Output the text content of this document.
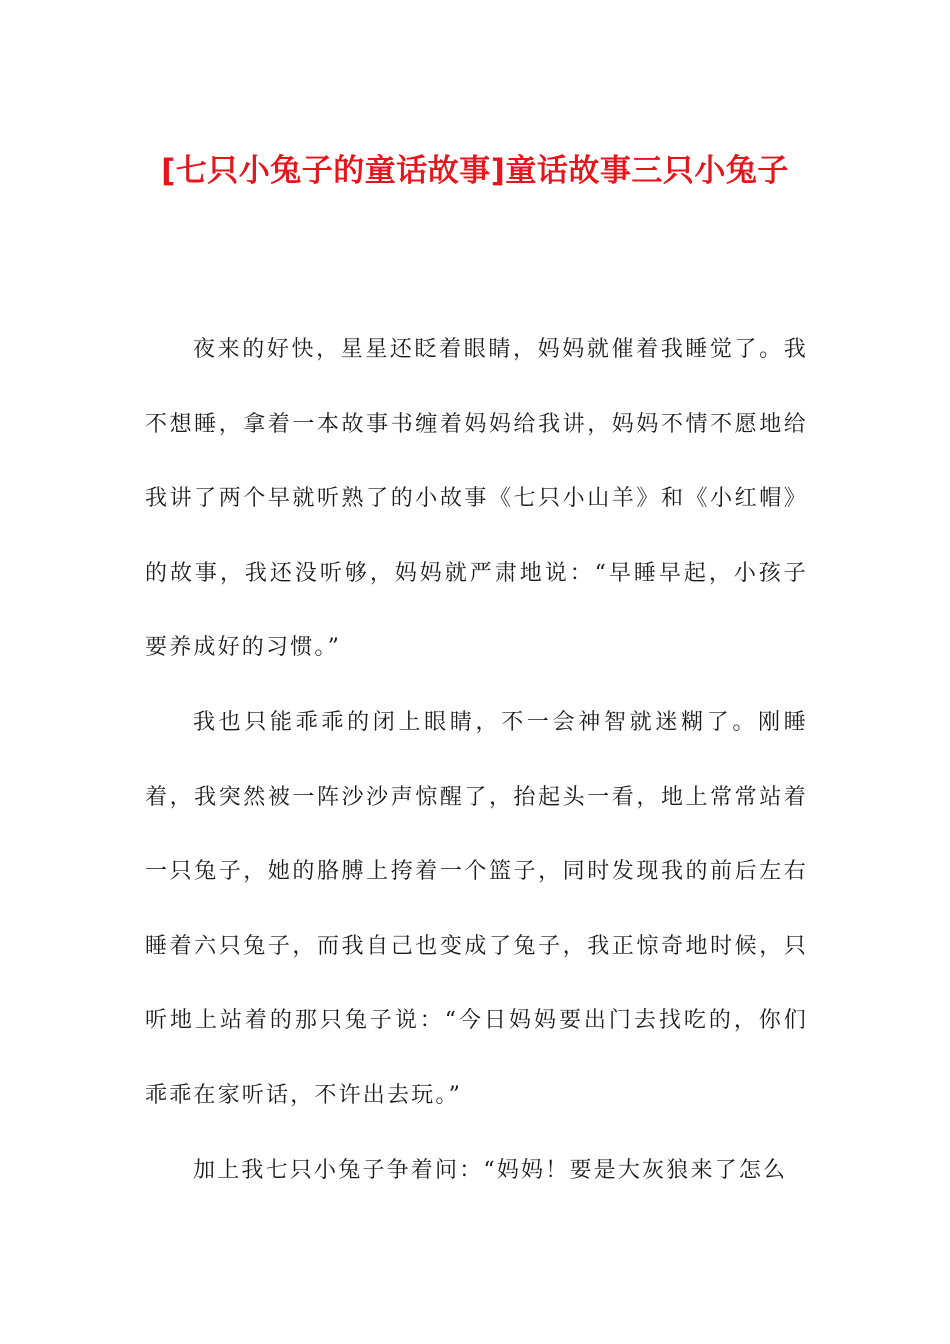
[七只小兔子的童话故事]童话故事三只小兔子

夜来的好快，星星还眨着眼睛，妈妈就催着我睡觉了。我不想睡，拿着一本故事书缠着妈妈给我讲，妈妈不情不愿地给我讲了两个早就听熟了的小故事《七只小山羊》和《小红帽》的故事，我还没听够，妈妈就严肃地说：“早睡早起，小孩子要养成好的习惯。”

我也只能乖乖的闭上眼睛，不一会神智就迷糊了。刚睡着，我突然被一阵沙沙声惊醒了，抬起头一看，地上常常站着一只兔子，她的胳膊上挎着一个篮子，同时发现我的前后左右睡着六只兔子，而我自己也变成了兔子，我正惊奇地时候，只听地上站着的那只兔子说：“今日妈妈要出门去找吃的，你们乖乖在家听话，不许出去玩。”

加上我七只小兔子争着问：“妈妈！要是大灰狼来了怎么
